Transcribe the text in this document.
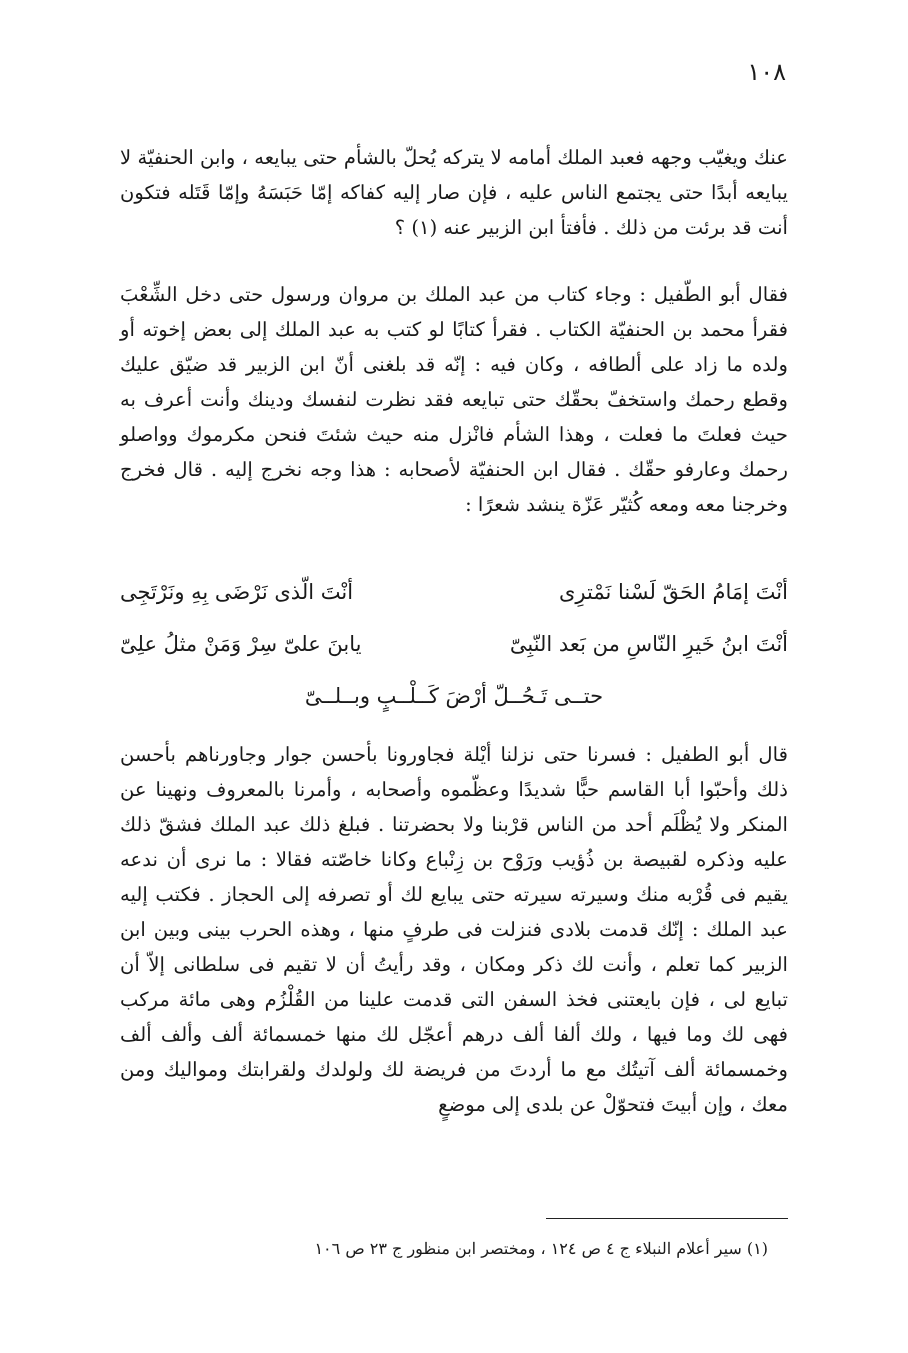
١٠٨

عنك ويغيّب وجهه فعبد الملك أمامه لا يتركه يُحلّ بالشأم حتى يبايعه ، وابن الحنفيّة لا يبايعه أبدًا حتى يجتمع الناس عليه ، فإن صار إليه كفاكه إمّا حَبَسَهُ وإمّا قَتَله فتكون أنت قد برئت من ذلك . فأفتأ ابن الزبير عنه (١) ؟

فقال أبو الطّفيل : وجاء كتاب من عبد الملك بن مروان ورسول حتى دخل الشِّعْبَ فقرأ محمد بن الحنفيّة الكتاب . فقرأ كتابًا لو كتب به عبد الملك إلى بعض إخوته أو ولده ما زاد على ألطافه ، وكان فيه : إنّه قد بلغنى أنّ ابن الزبير قد ضيّق عليك وقطع رحمك واستخفّ بحقّك حتى تبايعه فقد نظرت لنفسك ودينك وأنت أعرف به حيث فعلتَ ما فعلت ، وهذا الشأم فانْزل منه حيث شئتَ فنحن مكرموك وواصلو رحمك وعارفو حقّك . فقال ابن الحنفيّة لأصحابه : هذا وجه نخرج إليه . قال فخرج وخرجنا معه ومعه كُثيّر عَزّة ينشد شعرًا :

أنْتَ إمَامُ الحَقّ لَسْنا نَمْترِى
أنْتَ الّذى نَرْضَى بِهِ ونَرْتَجِى
أنْتَ ابنُ خَيرِ النّاسِ من بَعد النّبِىّ
يابنَ علىّ سِرْ وَمَنْ مثلُ علِىّ
حتــى تَـحُــلّ أرْضَ كَــلْــبٍ وبــلــىّ

قال أبو الطفيل : فسرنا حتى نزلنا أيْلة فجاورونا بأحسن جوار وجاورناهم بأحسن ذلك وأحبّوا أبا القاسم حبًّا شديدًا وعظّموه وأصحابه ، وأمرنا بالمعروف ونهينا عن المنكر ولا يُظْلَم أحد من الناس قرْبنا ولا بحضرتنا . فبلغ ذلك عبد الملك فشقّ ذلك عليه وذكره لقبيصة بن ذُؤيب ورَوْح بن زِنْباع وكانا خاصّته فقالا : ما نرى أن ندعه يقيم فى قُرْبه منك وسيرته سيرته حتى يبايع لك أو تصرفه إلى الحجاز . فكتب إليه عبد الملك : إنّك قدمت بلادى فنزلت فى طرفٍ منها ، وهذه الحرب بينى وبين ابن الزبير كما تعلم ، وأنت لك ذكر ومكان ، وقد رأيتُ أن لا تقيم فى سلطانى إلاّ أن تبايع لى ، فإن بايعتنى فخذ السفن التى قدمت علينا من القُلْزُم وهى مائة مركب فهى لك وما فيها ، ولك ألفا ألف درهم أعجّل لك منها خمسمائة ألف وألف ألف وخمسمائة ألف آتيتُك مع ما أردتَ من فريضة لك ولولدك ولقرابتك ومواليك ومن معك ، وإن أبيتَ فتحوّلْ عن بلدى إلى موضعٍ

(١) سير أعلام النبلاء ج ٤ ص ١٢٤ ، ومختصر ابن منظور ج ٢٣ ص ١٠٦
